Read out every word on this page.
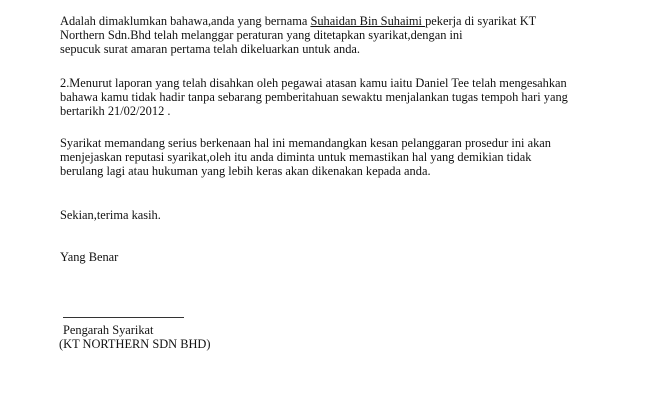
Adalah dimaklumkan bahawa,anda yang bernama Suhaidan Bin Suhaimi pekerja di syarikat KT
Northern Sdn.Bhd telah melanggar peraturan yang ditetapkan syarikat,dengan ini
sepucuk surat amaran pertama telah dikeluarkan untuk anda.
2.Menurut laporan yang telah disahkan oleh pegawai atasan kamu iaitu Daniel Tee telah mengesahkan
bahawa kamu tidak hadir tanpa sebarang pemberitahuan sewaktu menjalankan tugas tempoh hari yang
bertarikh 21/02/2012 .
Syarikat memandang serius berkenaan hal ini memandangkan kesan pelanggaran prosedur ini akan
menjejaskan reputasi syarikat,oleh itu anda diminta untuk memastikan hal yang demikian tidak
berulang lagi atau hukuman yang lebih keras akan dikenakan kepada anda.
Sekian,terima kasih.
Yang Benar
Pengarah Syarikat
(KT NORTHERN SDN BHD)
